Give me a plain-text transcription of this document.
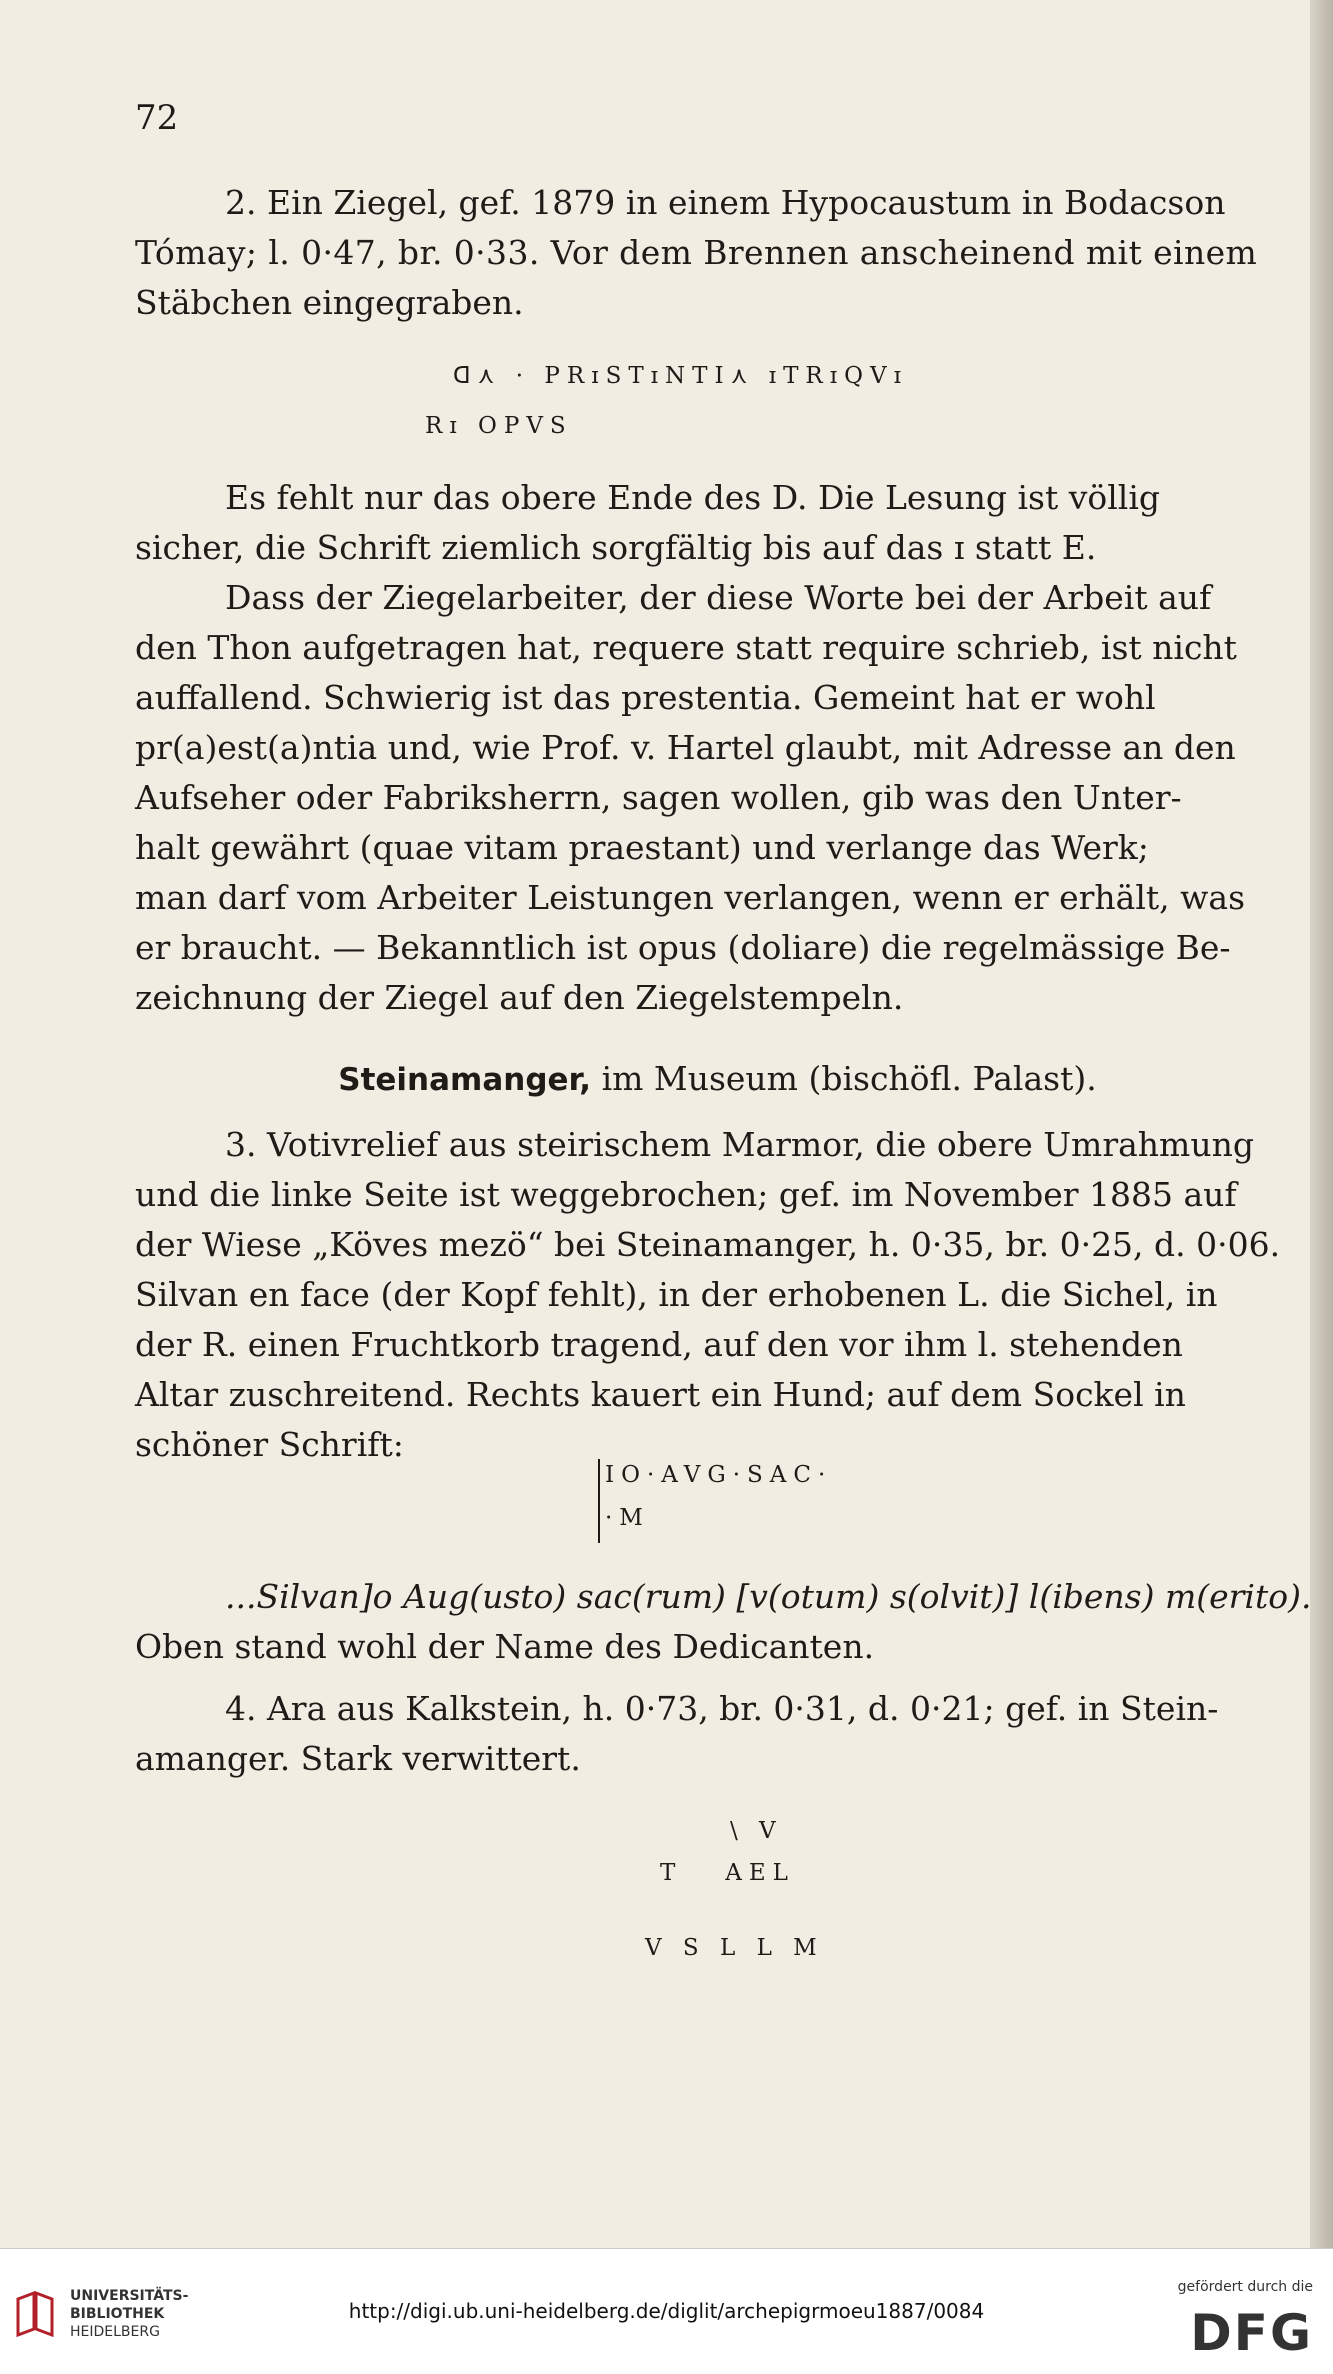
72
2. Ein Ziegel, gef. 1879 in einem Hypocaustum in Bodacson
Tómay; l. 0·47, br. 0·33. Vor dem Brennen anscheinend mit einem
Stäbchen eingegraben.
ᗡ⋏ · PRɪSTɪNTI⋏ ɪTRɪQVɪ
Rɪ OPVS
Es fehlt nur das obere Ende des D. Die Lesung ist völlig
sicher, die Schrift ziemlich sorgfältig bis auf das ɪ statt E.
Dass der Ziegelarbeiter, der diese Worte bei der Arbeit auf
den Thon aufgetragen hat, requere statt require schrieb, ist nicht
auffallend. Schwierig ist das prestentia. Gemeint hat er wohl
pr(a)est(a)ntia und, wie Prof. v. Hartel glaubt, mit Adresse an den
Aufseher oder Fabriksherrn, sagen wollen, gib was den Unter-
halt gewährt (quae vitam praestant) und verlange das Werk;
man darf vom Arbeiter Leistungen verlangen, wenn er erhält, was
er braucht. — Bekanntlich ist opus (doliare) die regelmässige Be-
zeichnung der Ziegel auf den Ziegelstempeln.
Steinamanger, im Museum (bischöfl. Palast).
3. Votivrelief aus steirischem Marmor, die obere Umrahmung
und die linke Seite ist weggebrochen; gef. im November 1885 auf
der Wiese „Köves mezö“ bei Steinamanger, h. 0·35, br. 0·25, d. 0·06.
Silvan en face (der Kopf fehlt), in der erhobenen L. die Sichel, in
der R. einen Fruchtkorb tragend, auf den vor ihm l. stehenden
Altar zuschreitend. Rechts kauert ein Hund; auf dem Sockel in
schöner Schrift:
IO·AVG·SAC·
·M
...Silvan]o Aug(usto) sac(rum) [v(otum) s(olvit)] l(ibens) m(erito).
Oben stand wohl der Name des Dedicanten.
4. Ara aus Kalkstein, h. 0·73, br. 0·31, d. 0·21; gef. in Stein-
amanger. Stark verwittert.
\ V
T   AEL
V S L L M
UNIVERSITÄTS-
BIBLIOTHEK
HEIDELBERG
http://digi.ub.uni-heidelberg.de/diglit/archepigrmoeu1887/0084
gefördert durch die
DFG
